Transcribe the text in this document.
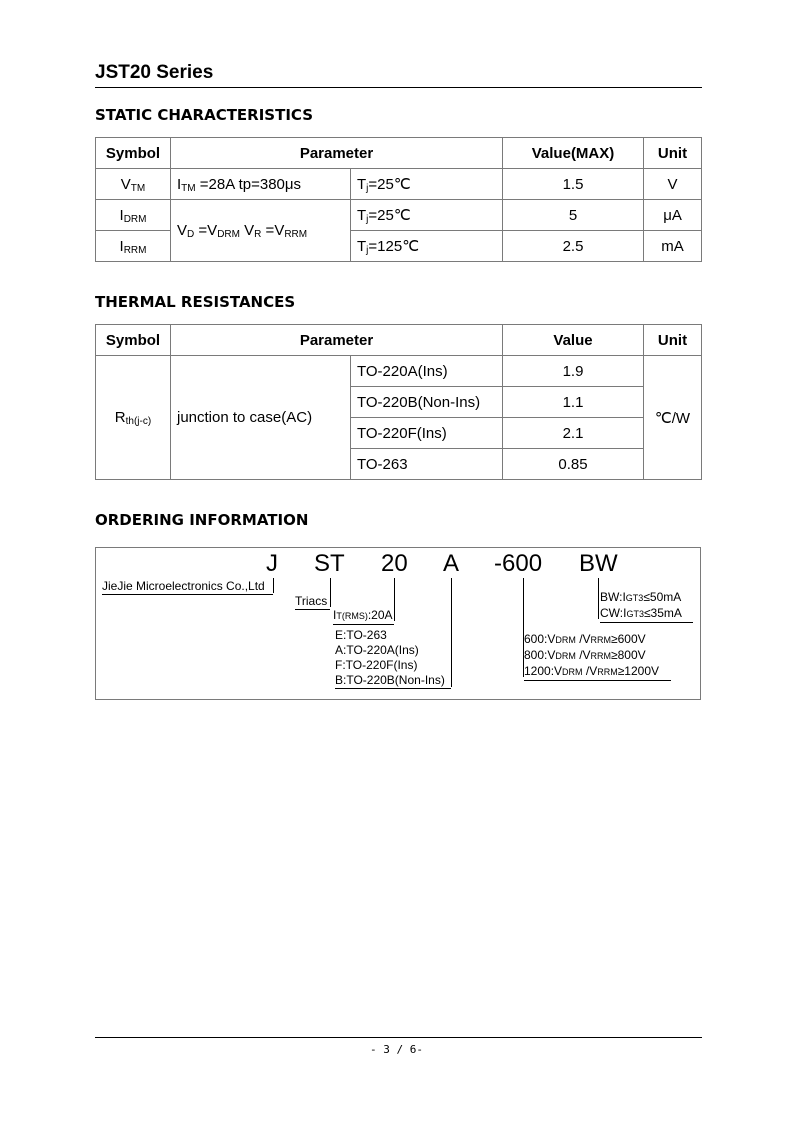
JST20 Series
STATIC CHARACTERISTICS
Symbol	Parameter		Value(MAX)	Unit
$V_{TM}$	$I_{TM} =28A$ tp=380μs	$T_j=25℃$	1.5	V
$I_{DRM}$	$V_D =V_{DRM}$ $V_R =V_{RRM}$	$T_j=25℃$	5	μA
$I_{RRM}$		$T_j=125℃$	2.5	mA
THERMAL RESISTANCES
Symbol	Parameter		Value	Unit
$R_{th(j-c)}$	junction to case(AC)	TO-220A(Ins)	1.9	℃/W
		TO-220B(Non-Ins)	1.1	
		TO-220F(Ins)	2.1	
		TO-263	0.85	
ORDERING INFORMATION
J ST 20 A -600 BW
JieJie Microelectronics Co.,Ltd
Triacs
IT(RMS):20A
E:TO-263
A:TO-220A(Ins)
F:TO-220F(Ins)
B:TO-220B(Non-Ins)
600:VDRM /VRRM≥600V
800:VDRM /VRRM≥800V
1200:VDRM /VRRM≥1200V
BW:IGT3≤50mA
CW:IGT3≤35mA
- 3 / 6-
